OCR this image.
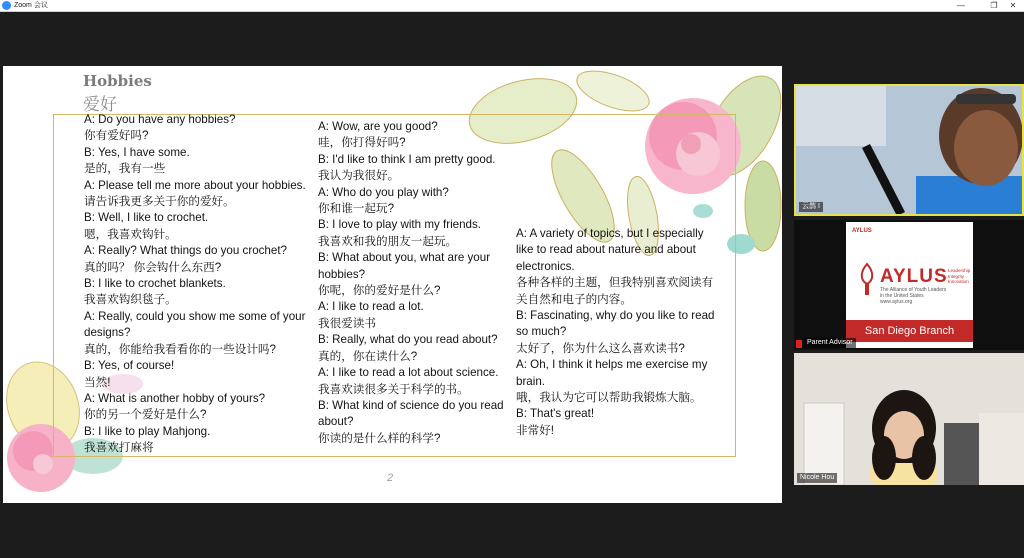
Zoom 会议	—	❐	✕
Hobbies
爱好
A: Do you have any hobbies?
你有爱好吗?
B: Yes, I have some.
是的，我有一些
A: Please tell me more about your hobbies.
请告诉我更多关于你的爱好。
B: Well, I like to crochet.
嗯，我喜欢钩针。
A: Really? What things do you crochet?
真的吗？ 你会钩什么东西?
B: I like to crochet blankets.
我喜欢钩织毯子。
A: Really, could you show me some of your
designs?
真的，你能给我看看你的一些设计吗?
B: Yes, of course!
当然!
A: What is another hobby of yours?
你的另一个爱好是什么?
B: I like to play Mahjong.
我喜欢打麻将
A: Wow, are you good?
哇，你打得好吗?
B: I'd like to think I am pretty good.
我认为我很好。
A: Who do you play with?
你和谁一起玩?
B: I love to play with my friends.
我喜欢和我的朋友一起玩。
B: What about you, what are your
hobbies?
你呢，你的爱好是什么?
A: I like to read a lot.
我很爱读书
B: Really, what do you read about?
真的，你在读什么?
A: I like to read a lot about science.
我喜欢读很多关于科学的书。
B: What kind of science do you read
about?
你读的是什么样的科学?
A: A variety of topics, but I especially
like to read about nature and about
electronics.
各种各样的主题，但我特别喜欢阅读有
关自然和电子的内容。
B: Fascinating, why do you like to read
so much?
太好了，你为什么这么喜欢读书?
A: Oh, I think it helps me exercise my
brain.
哦，我认为它可以帮助我锻炼大脑。
B: That's great!
非常好!
2
云鹊 I
AYLUS
AYLUS Leadership
Integrity
Innovation
The Alliance of Youth Leaders
in the United States
www.aylus.org
San Diego Branch
Parent Advisor
Nicole Hou
